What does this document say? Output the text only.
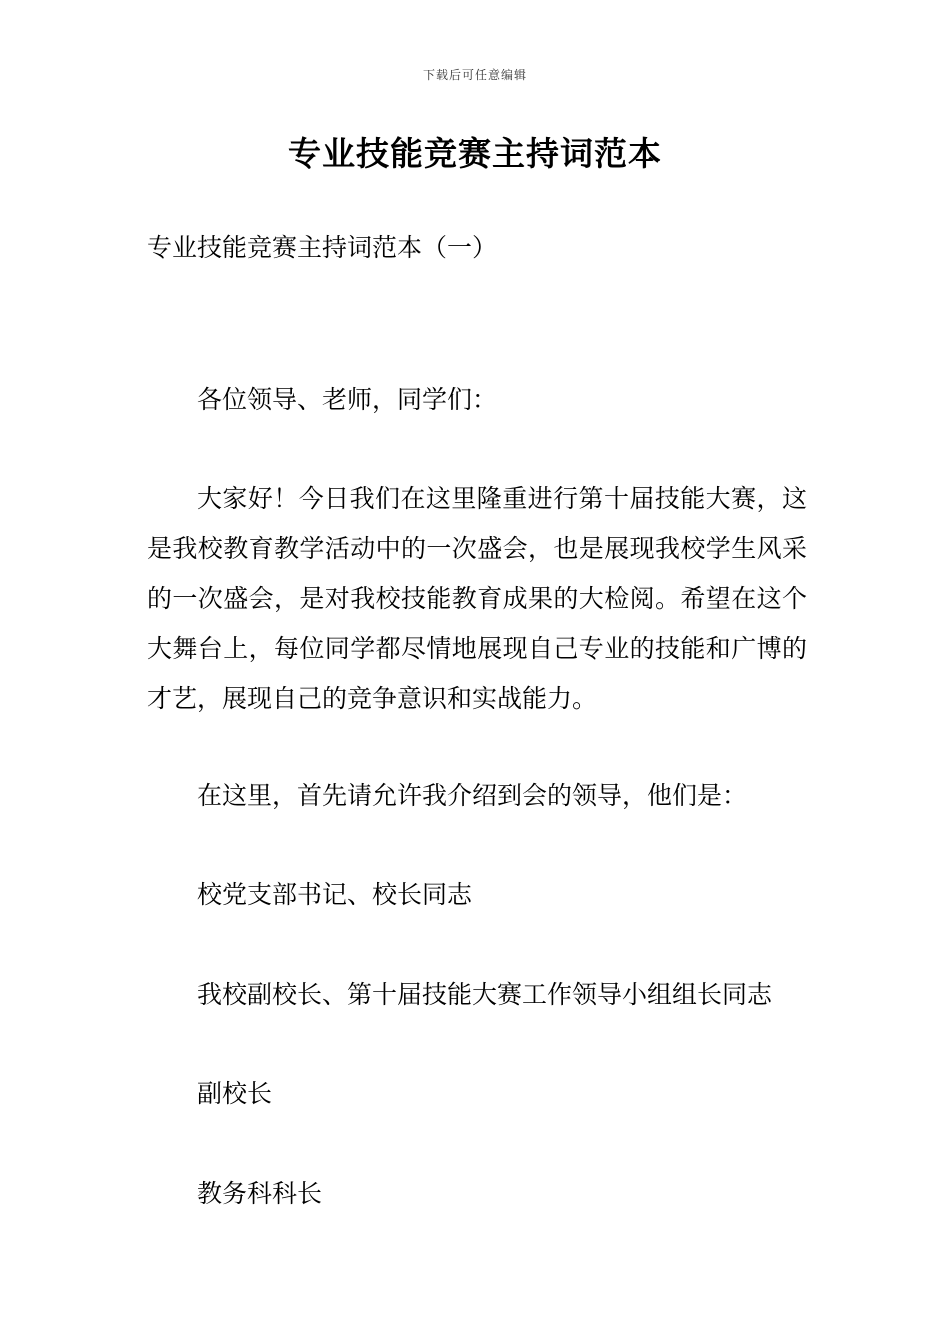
下载后可任意编辑
专业技能竞赛主持词范本
专业技能竞赛主持词范本（一）
各位领导、老师，同学们：
大家好！今日我们在这里隆重进行第十届技能大赛，这是我校教育教学活动中的一次盛会，也是展现我校学生风采的一次盛会，是对我校技能教育成果的大检阅。希望在这个大舞台上，每位同学都尽情地展现自己专业的技能和广博的才艺，展现自己的竞争意识和实战能力。
在这里，首先请允许我介绍到会的领导，他们是：
校党支部书记、校长同志
我校副校长、第十届技能大赛工作领导小组组长同志
副校长
教务科科长
